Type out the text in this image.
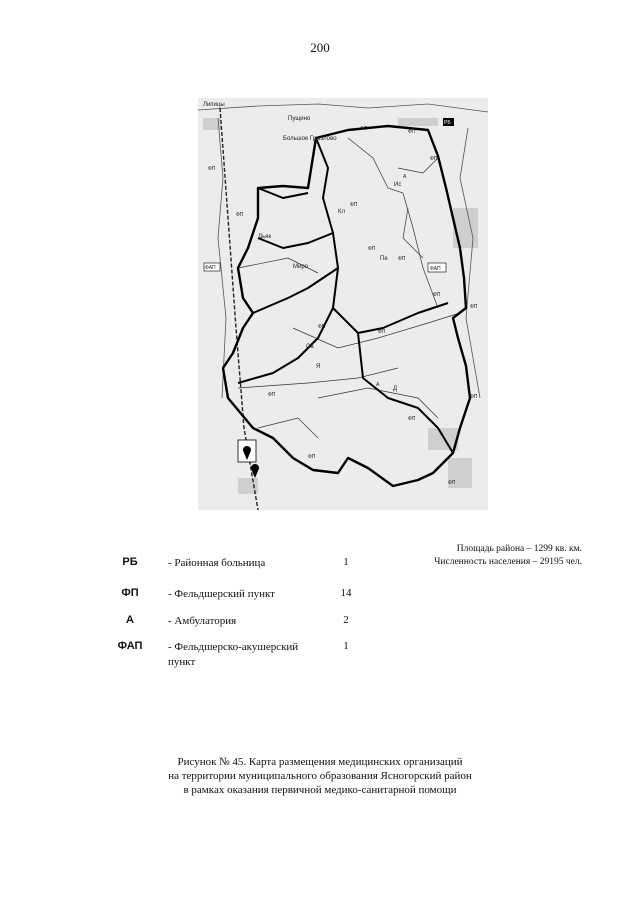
200
Липицы
Пущино
Большое Грызлово
Дьяк
Миро
Ис
Кл
Пе
Са
Я
Д
ФП	ФП
ФП
ФП
ФП
ФП
ФП
ФП
ФП
ФП
ФП
ФП
ФП
ФП
ФП
ФП
ФП
ФАП
ФАП
А
А
РБ
Площадь района – 1299 кв. км.
Численность населения – 29195 чел.
РБ	- Районная больница	1
ФП	- Фельдшерский пункт	14
А	- Амбулатория	2
ФАП	- Фельдшерско-акушерский пункт
1
Рисунок № 45. Карта размещения медицинских организаций
на территории муниципального образования Ясногорский район
в рамках оказания первичной медико-санитарной помощи
